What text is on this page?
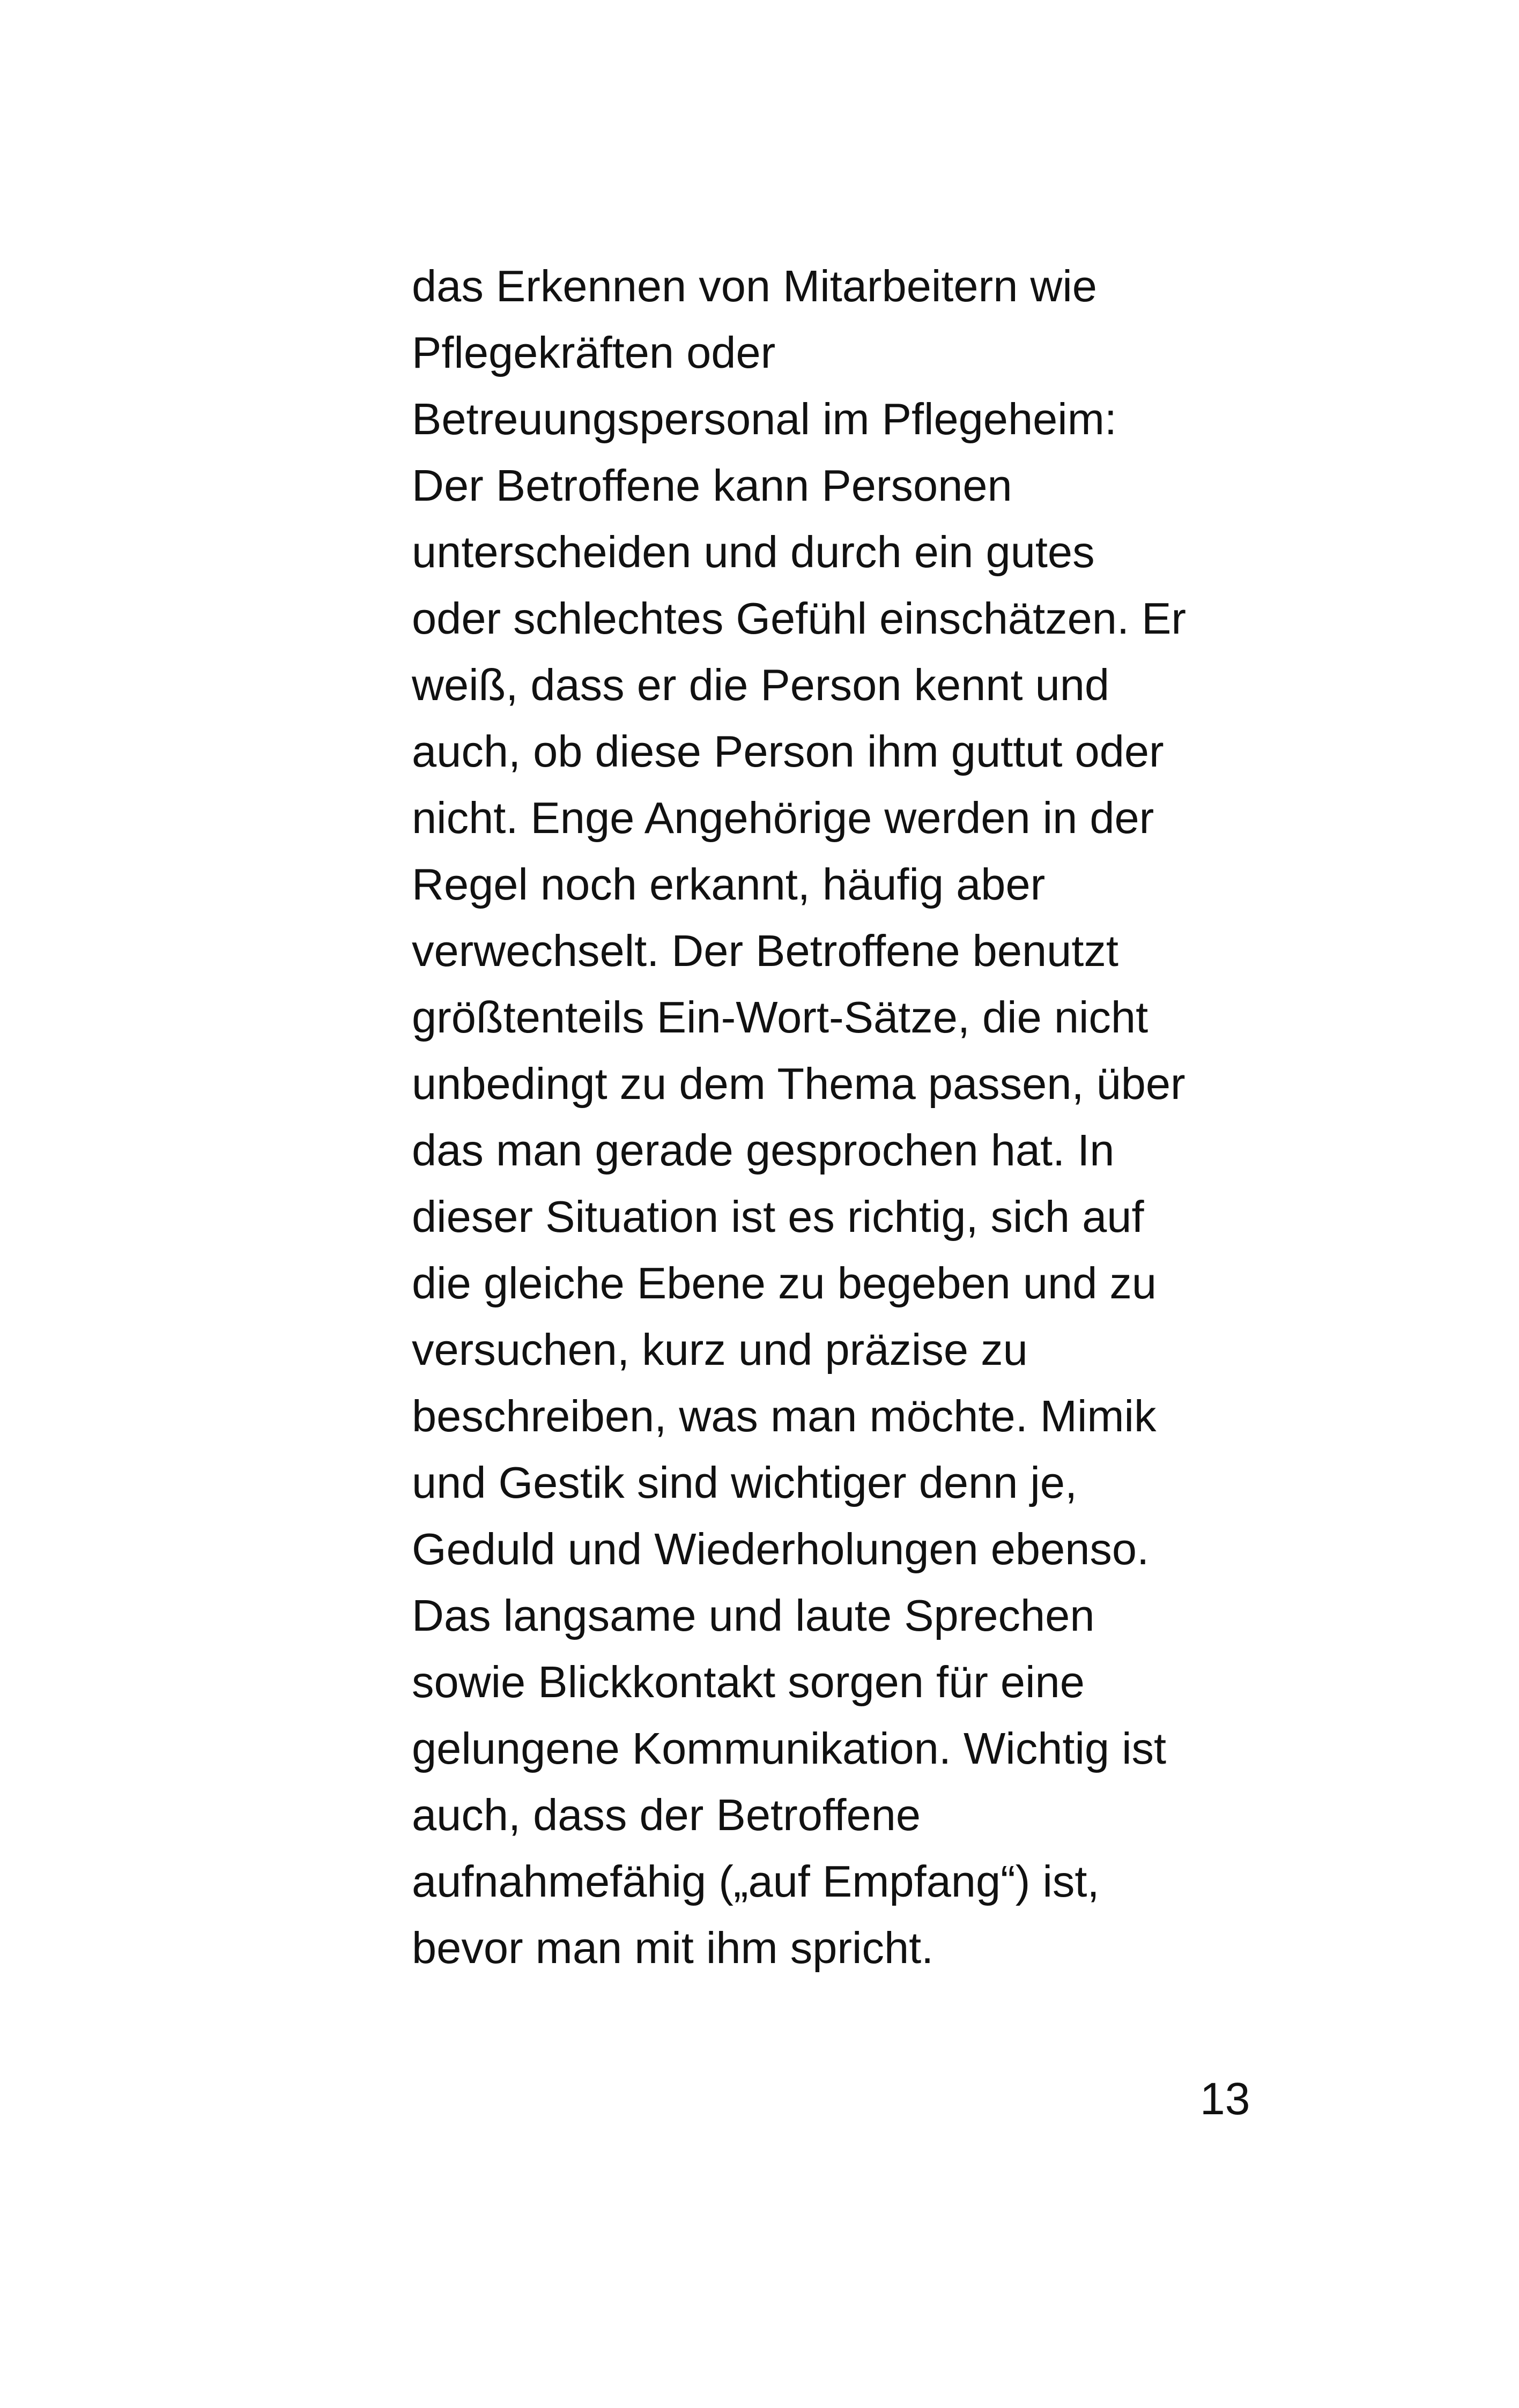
das Erkennen von Mitarbeitern wie
Pflegekräften oder
Betreuungspersonal im Pflegeheim:
Der Betroffene kann Personen
unterscheiden und durch ein gutes
oder schlechtes Gefühl einschätzen. Er
weiß, dass er die Person kennt und
auch, ob diese Person ihm guttut oder
nicht. Enge Angehörige werden in der
Regel noch erkannt, häufig aber
verwechselt. Der Betroffene benutzt
größtenteils Ein-Wort-Sätze, die nicht
unbedingt zu dem Thema passen, über
das man gerade gesprochen hat. In
dieser Situation ist es richtig, sich auf
die gleiche Ebene zu begeben und zu
versuchen, kurz und präzise zu
beschreiben, was man möchte. Mimik
und Gestik sind wichtiger denn je,
Geduld und Wiederholungen ebenso.
Das langsame und laute Sprechen
sowie Blickkontakt sorgen für eine
gelungene Kommunikation. Wichtig ist
auch, dass der Betroffene
aufnahmefähig („auf Empfang“) ist,
bevor man mit ihm spricht.
13
